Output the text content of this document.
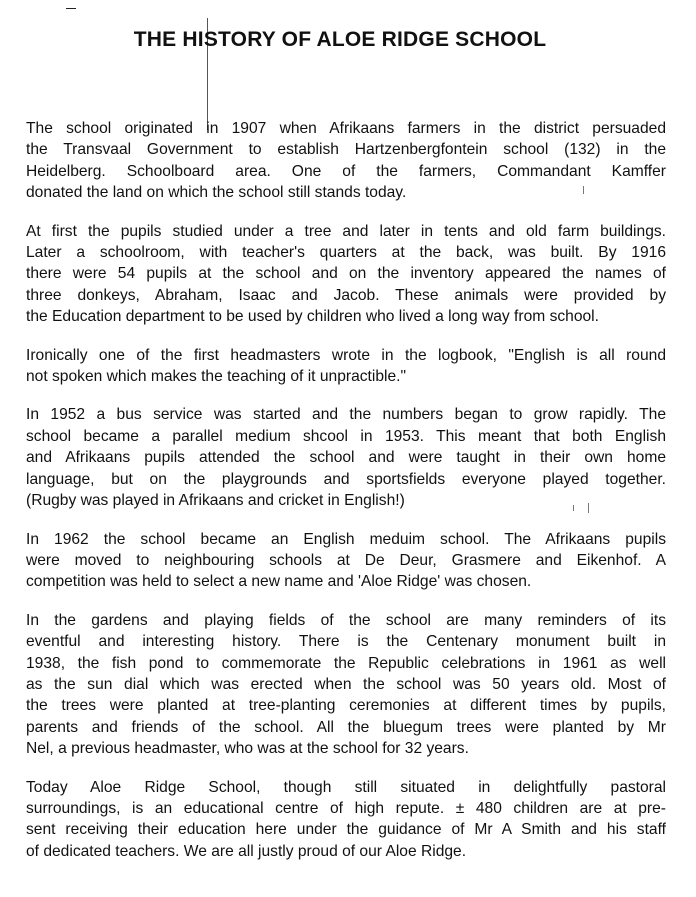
THE HISTORY OF ALOE RIDGE SCHOOL

The school originated in 1907 when Afrikaans farmers in the district persuaded
the Transvaal Government to establish Hartzenbergfontein school (132) in the
Heidelberg. Schoolboard area. One of the farmers, Commandant Kamffer
donated the land on which the school still stands today.

At first the pupils studied under a tree and later in tents and old farm buildings.
Later a schoolroom, with teacher's quarters at the back, was built. By 1916
there were 54 pupils at the school and on the inventory appeared the names of
three donkeys, Abraham, Isaac and Jacob. These animals were provided by
the Education department to be used by children who lived a long way from school.

Ironically one of the first headmasters wrote in the logbook, "English is all round
not spoken which makes the teaching of it unpractible."

In 1952 a bus service was started and the numbers began to grow rapidly. The
school became a parallel medium shcool in 1953. This meant that both English
and Afrikaans pupils attended the school and were taught in their own home
language, but on the playgrounds and sportsfields everyone played together.
(Rugby was played in Afrikaans and cricket in English!)

In 1962 the school became an English meduim school. The Afrikaans pupils
were moved to neighbouring schools at De Deur, Grasmere and Eikenhof. A
competition was held to select a new name and 'Aloe Ridge' was chosen.

In the gardens and playing fields of the school are many reminders of its
eventful and interesting history. There is the Centenary monument built in
1938, the fish pond to commemorate the Republic celebrations in 1961 as well
as the sun dial which was erected when the school was 50 years old. Most of
the trees were planted at tree-planting ceremonies at different times by pupils,
parents and friends of the school. All the bluegum trees were planted by Mr
Nel, a previous headmaster, who was at the school for 32 years.

Today Aloe Ridge School, though still situated in delightfully pastoral
surroundings, is an educational centre of high repute. ± 480 children are at pre-
sent receiving their education here under the guidance of Mr A Smith and his staff
of dedicated teachers. We are all justly proud of our Aloe Ridge.
